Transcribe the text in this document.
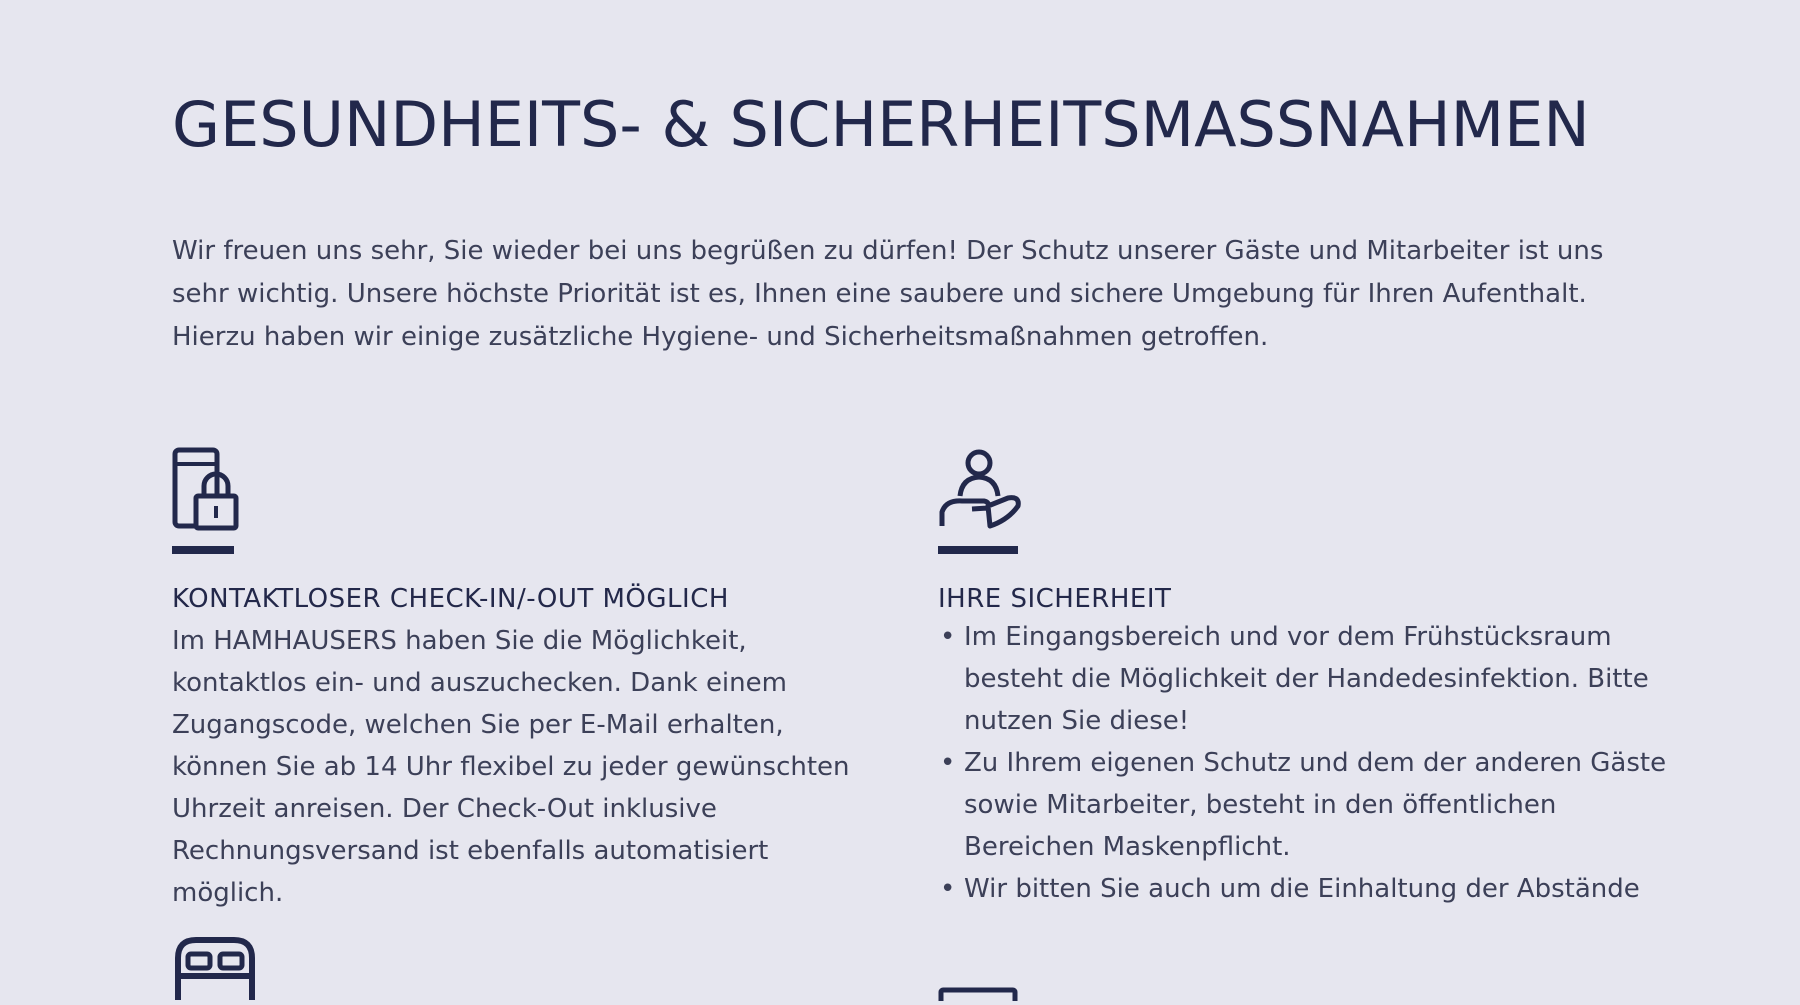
GESUNDHEITS- & SICHERHEITSMASSNAHMEN

Wir freuen uns sehr, Sie wieder bei uns begrüßen zu dürfen! Der Schutz unserer Gäste und Mitarbeiter ist uns sehr wichtig. Unsere höchste Priorität ist es, Ihnen eine saubere und sichere Umgebung für Ihren Aufenthalt. Hierzu haben wir einige zusätzliche Hygiene- und Sicherheitsmaßnahmen getroffen.

KONTAKTLOSER CHECK-IN/-OUT MÖGLICH

Im HAMHAUSERS haben Sie die Möglichkeit, kontaktlos ein- und auszuchecken. Dank einem Zugangscode, welchen Sie per E-Mail erhalten, können Sie ab 14 Uhr flexibel zu jeder gewünschten Uhrzeit anreisen. Der Check-Out inklusive Rechnungsversand ist ebenfalls automatisiert möglich.

IHRE SICHERHEIT
• Im Eingangsbereich und vor dem Frühstücksraum besteht die Möglichkeit der Handedesinfektion. Bitte nutzen Sie diese!
• Zu Ihrem eigenen Schutz und dem der anderen Gäste sowie Mitarbeiter, besteht in den öffentlichen Bereichen Maskenpflicht.
• Wir bitten Sie auch um die Einhaltung der Abstände
